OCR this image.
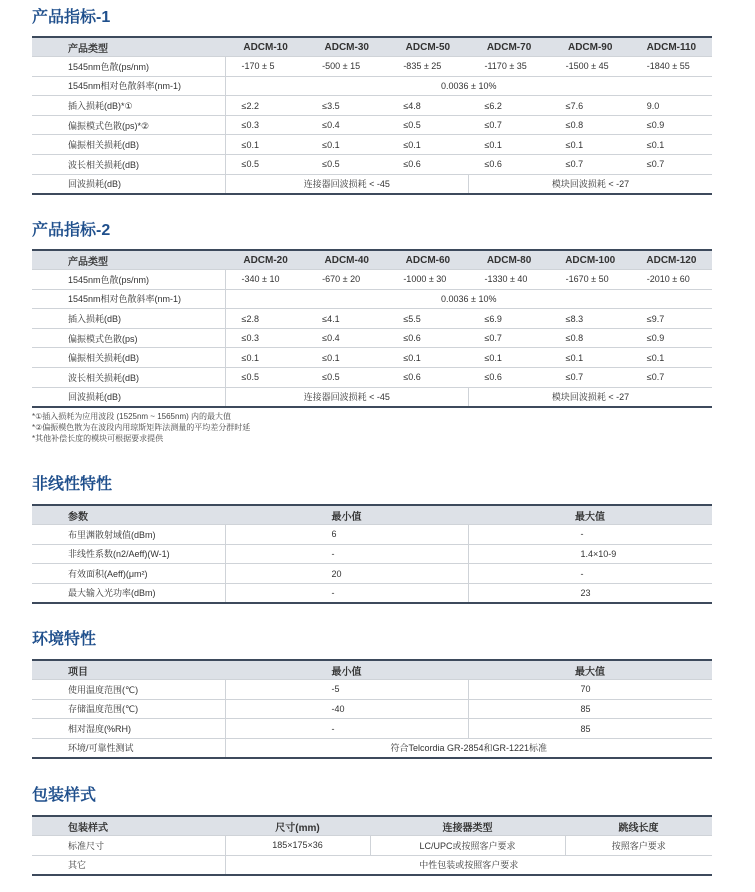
产品指标-1
产品类型	ADCM-10	ADCM-30	ADCM-50	ADCM-70	ADCM-90	ADCM-110
1545nm色散(ps/nm)	-170 ± 5	-500 ± 15	-835 ± 25	-1170 ± 35	-1500 ± 45	-1840 ± 55
1545nm相对色散斜率(nm-1)	0.0036 ± 10%					
插入损耗(dB)*①	≤2.2	≤3.5	≤4.8	≤6.2	≤7.6	9.0
偏振模式色散(ps)*②	≤0.3	≤0.4	≤0.5	≤0.7	≤0.8	≤0.9
偏振相关损耗(dB)	≤0.1	≤0.1	≤0.1	≤0.1	≤0.1	≤0.1
波长相关损耗(dB)	≤0.5	≤0.5	≤0.6	≤0.6	≤0.7	≤0.7
回波损耗(dB)	连接器回波损耗 < -45			模块回波损耗 < -27		
产品指标-2
产品类型	ADCM-20	ADCM-40	ADCM-60	ADCM-80	ADCM-100	ADCM-120
1545nm色散(ps/nm)	-340 ± 10	-670 ± 20	-1000 ± 30	-1330 ± 40	-1670 ± 50	-2010 ± 60
1545nm相对色散斜率(nm-1)	0.0036 ± 10%					
插入损耗(dB)	≤2.8	≤4.1	≤5.5	≤6.9	≤8.3	≤9.7
偏振模式色散(ps)	≤0.3	≤0.4	≤0.6	≤0.7	≤0.8	≤0.9
偏振相关损耗(dB)	≤0.1	≤0.1	≤0.1	≤0.1	≤0.1	≤0.1
波长相关损耗(dB)	≤0.5	≤0.5	≤0.6	≤0.6	≤0.7	≤0.7
回波损耗(dB)	连接器回波损耗 < -45			模块回波损耗 < -27		
*①插入损耗为应用波段 (1525nm ~ 1565nm) 内的最大值
*②偏振模色散为在波段内用琼斯矩阵法测量的平均差分群时延
*其他补偿长度的模块可根据要求提供
非线性特性
参数	最小值	最大值
布里渊散射域值(dBm)	6	-
非线性系数(n2/Aeff)(W-1)	-	1.4×10-9
有效面积(Aeff)(μm²)	20	-
最大输入光功率(dBm)	-	23
环境特性
项目	最小值	最大值
使用温度范围(℃)	-5	70
存储温度范围(℃)	-40	85
相对湿度(%RH)	-	85
环境/可靠性测试	符合Telcordia GR-2854和GR-1221标准	
包装样式
包装样式	尺寸(mm)	连接器类型	跳线长度
标准尺寸	185×175×36	LC/UPC或按照客户要求	按照客户要求
其它	中性包装或按照客户要求		
